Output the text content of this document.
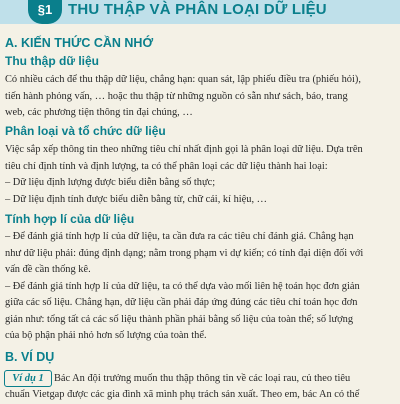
§1	THU THẬP VÀ PHÂN LOẠI DỮ LIỆU
A. KIẾN THỨC CẦN NHỚ
Thu thập dữ liệu
Có nhiều cách để thu thập dữ liệu, chẳng hạn: quan sát, lập phiếu điều tra (phiếu hỏi),
tiến hành phỏng vấn, … hoặc thu thập từ những nguồn có sẵn như sách, báo, trang
web, các phương tiện thông tin đại chúng, …
Phân loại và tổ chức dữ liệu
Việc sắp xếp thông tin theo những tiêu chí nhất định gọi là phân loại dữ liệu. Dựa trên
tiêu chí định tính và định lượng, ta có thể phân loại các dữ liệu thành hai loại:
– Dữ liệu định lượng được biểu diễn bằng số thực;
– Dữ liệu định tính được biểu diễn bằng từ, chữ cái, kí hiệu, …
Tính hợp lí của dữ liệu
– Để đánh giá tính hợp lí của dữ liệu, ta cần đưa ra các tiêu chí đánh giá. Chẳng hạn
như dữ liệu phải: đúng định dạng; nằm trong phạm vi dự kiến; có tính đại diện đối với
vấn đề cần thống kê.
– Để đánh giá tính hợp lí của dữ liệu, ta có thể dựa vào mối liên hệ toán học đơn giản
giữa các số liệu. Chẳng hạn, dữ liệu cần phải đáp ứng đúng các tiêu chí toán học đơn
giản như: tổng tất cả các số liệu thành phần phải bằng số liệu của toàn thể; số lượng
của bộ phận phải nhỏ hơn số lượng của toàn thể.
B. VÍ DỤ
Ví dụ 1 Bác An đội trưởng muốn thu thập thông tin về các loại rau, củ theo tiêu
chuẩn Vietgap được các gia đình xã mình phụ trách sản xuất. Theo em, bác An có thể
